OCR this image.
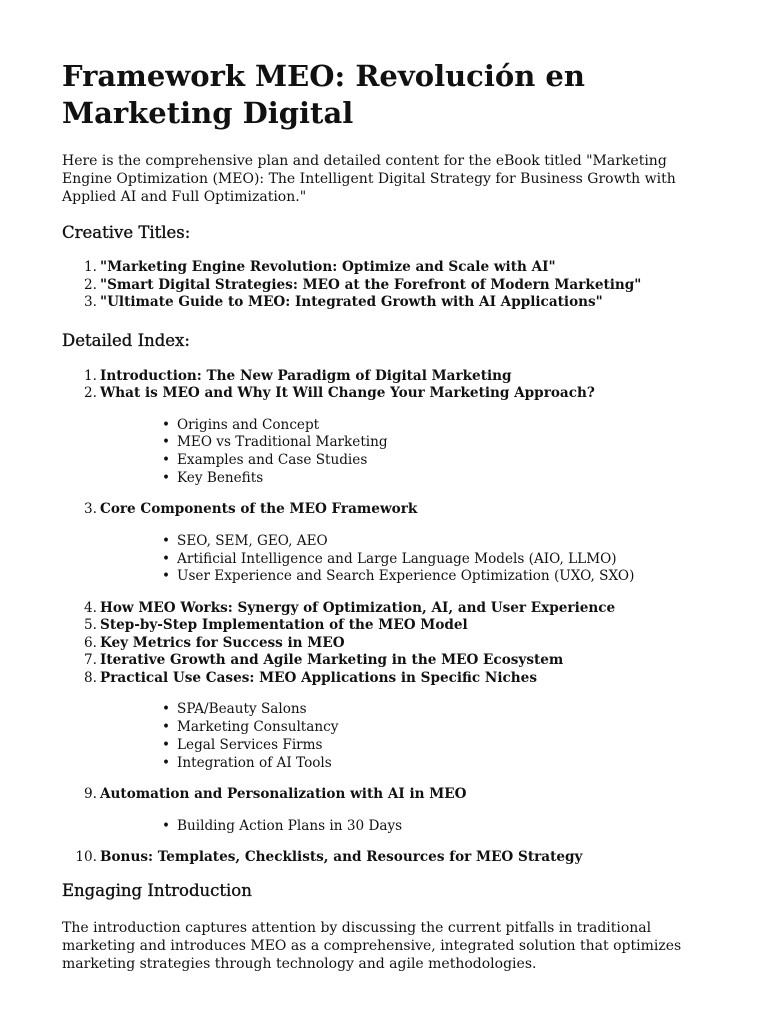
Framework MEO: Revolución en Marketing Digital

Here is the comprehensive plan and detailed content for the eBook titled "Marketing Engine Optimization (MEO): The Intelligent Digital Strategy for Business Growth with Applied AI and Full Optimization."

Creative Titles:
1. "Marketing Engine Revolution: Optimize and Scale with AI"
2. "Smart Digital Strategies: MEO at the Forefront of Modern Marketing"
3. "Ultimate Guide to MEO: Integrated Growth with AI Applications"
Detailed Index:
1. Introduction: The New Paradigm of Digital Marketing
2. What is MEO and Why It Will Change Your Marketing Approach?
• Origins and Concept
• MEO vs Traditional Marketing
• Examples and Case Studies
• Key Benefits
3. Core Components of the MEO Framework
• SEO, SEM, GEO, AEO
• Artificial Intelligence and Large Language Models (AIO, LLMO)
• User Experience and Search Experience Optimization (UXO, SXO)
4. How MEO Works: Synergy of Optimization, AI, and User Experience
5. Step-by-Step Implementation of the MEO Model
6. Key Metrics for Success in MEO
7. Iterative Growth and Agile Marketing in the MEO Ecosystem
8. Practical Use Cases: MEO Applications in Specific Niches
• SPA/Beauty Salons
• Marketing Consultancy
• Legal Services Firms
• Integration of AI Tools
9. Automation and Personalization with AI in MEO
• Building Action Plans in 30 Days
10. Bonus: Templates, Checklists, and Resources for MEO Strategy
Engaging Introduction

The introduction captures attention by discussing the current pitfalls in traditional marketing and introduces MEO as a comprehensive, integrated solution that optimizes marketing strategies through technology and agile methodologies.
